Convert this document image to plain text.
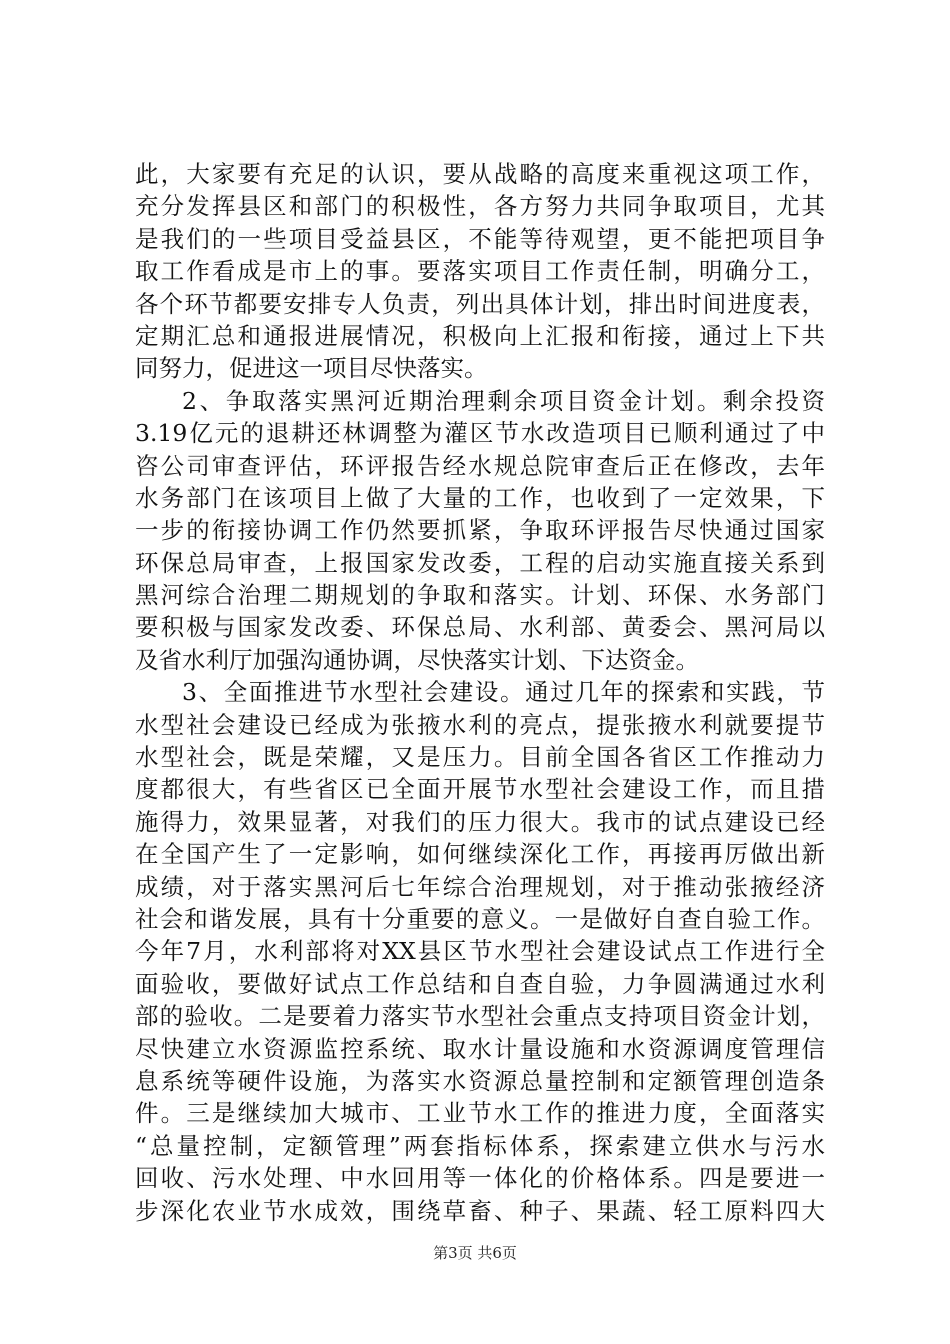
此，大家要有充足的认识，要从战略的高度来重视这项工作，
充分发挥县区和部门的积极性，各方努力共同争取项目，尤其
是我们的一些项目受益县区，不能等待观望，更不能把项目争
取工作看成是市上的事。要落实项目工作责任制，明确分工，
各个环节都要安排专人负责，列出具体计划，排出时间进度表，
定期汇总和通报进展情况，积极向上汇报和衔接，通过上下共
同努力，促进这一项目尽快落实。
2、争取落实黑河近期治理剩余项目资金计划。剩余投资
3.19亿元的退耕还林调整为灌区节水改造项目已顺利通过了中
咨公司审查评估，环评报告经水规总院审查后正在修改，去年
水务部门在该项目上做了大量的工作，也收到了一定效果，下
一步的衔接协调工作仍然要抓紧，争取环评报告尽快通过国家
环保总局审查，上报国家发改委，工程的启动实施直接关系到
黑河综合治理二期规划的争取和落实。计划、环保、水务部门
要积极与国家发改委、环保总局、水利部、黄委会、黑河局以
及省水利厅加强沟通协调，尽快落实计划、下达资金。
3、全面推进节水型社会建设。通过几年的探索和实践，节
水型社会建设已经成为张掖水利的亮点，提张掖水利就要提节
水型社会，既是荣耀，又是压力。目前全国各省区工作推动力
度都很大，有些省区已全面开展节水型社会建设工作，而且措
施得力，效果显著，对我们的压力很大。我市的试点建设已经
在全国产生了一定影响，如何继续深化工作，再接再厉做出新
成绩，对于落实黑河后七年综合治理规划，对于推动张掖经济
社会和谐发展，具有十分重要的意义。一是做好自查自验工作。
今年7月，水利部将对XX县区节水型社会建设试点工作进行全
面验收，要做好试点工作总结和自查自验，力争圆满通过水利
部的验收。二是要着力落实节水型社会重点支持项目资金计划，
尽快建立水资源监控系统、取水计量设施和水资源调度管理信
息系统等硬件设施，为落实水资源总量控制和定额管理创造条
件。三是继续加大城市、工业节水工作的推进力度，全面落实
“总量控制，定额管理”两套指标体系，探索建立供水与污水
回收、污水处理、中水回用等一体化的价格体系。四是要进一
步深化农业节水成效，围绕草畜、种子、果蔬、轻工原料四大
第3页 共6页
